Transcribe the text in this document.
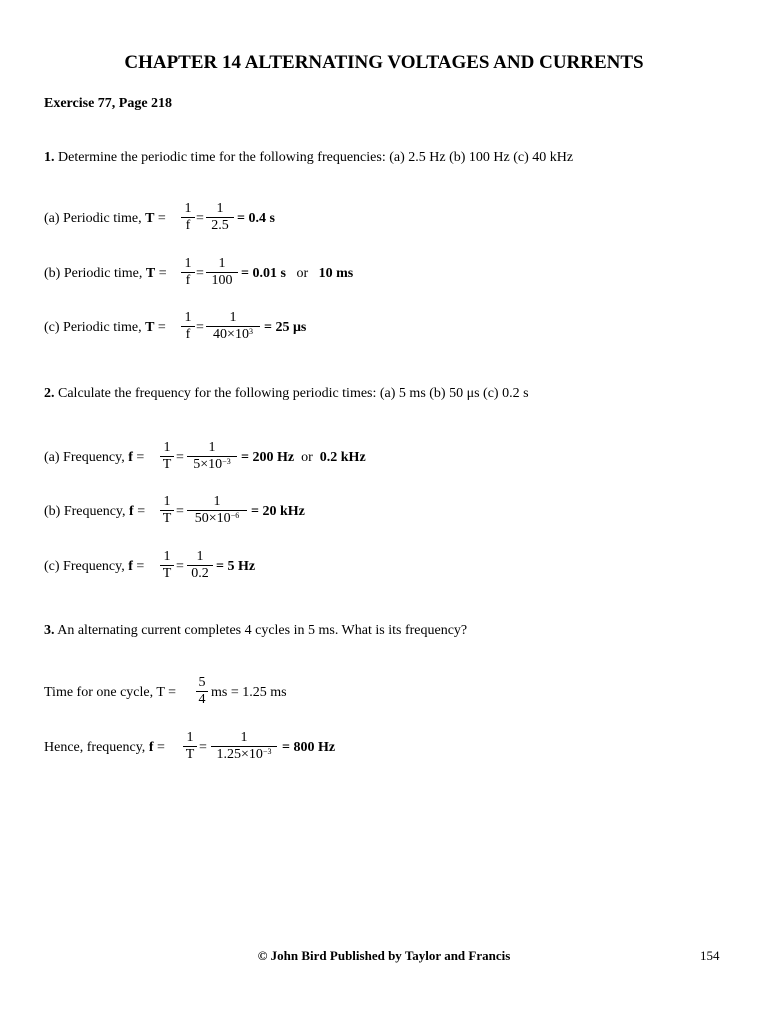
CHAPTER 14 ALTERNATING VOLTAGES AND CURRENTS
Exercise 77, Page 218
1. Determine the periodic time for the following frequencies: (a) 2.5 Hz (b) 100 Hz (c) 40 kHz
(a) Periodic time, T =
1
f =
1
2.5 = 0.4 s
(b) Periodic time, T =
1
f =
1
100 = 0.01 s or 10 ms
(c) Periodic time, T =
1
f =
1
$40\times 10^3 = 25$ μs
2. Calculate the frequency for the following periodic times: (a) 5 ms (b) 50 μs (c) 0.2 s
(a) Frequency, f =
1
T =
1
$5\times 10^{-3} = 200$ Hz or 0.2 kHz
(b) Frequency, f =
1
T =
1
$50\times 10^{-6} = 20$ kHz
(c) Frequency, f =
1
T =
1
0.2 = 5 Hz
3. An alternating current completes 4 cycles in 5 ms. What is its frequency?
Time for one cycle, T =
5
4 ms = 1.25 ms
Hence, frequency, f =
1
T =
1
$1.25\times 10^{-3} = 800$ Hz
© John Bird Published by Taylor and Francis	154
